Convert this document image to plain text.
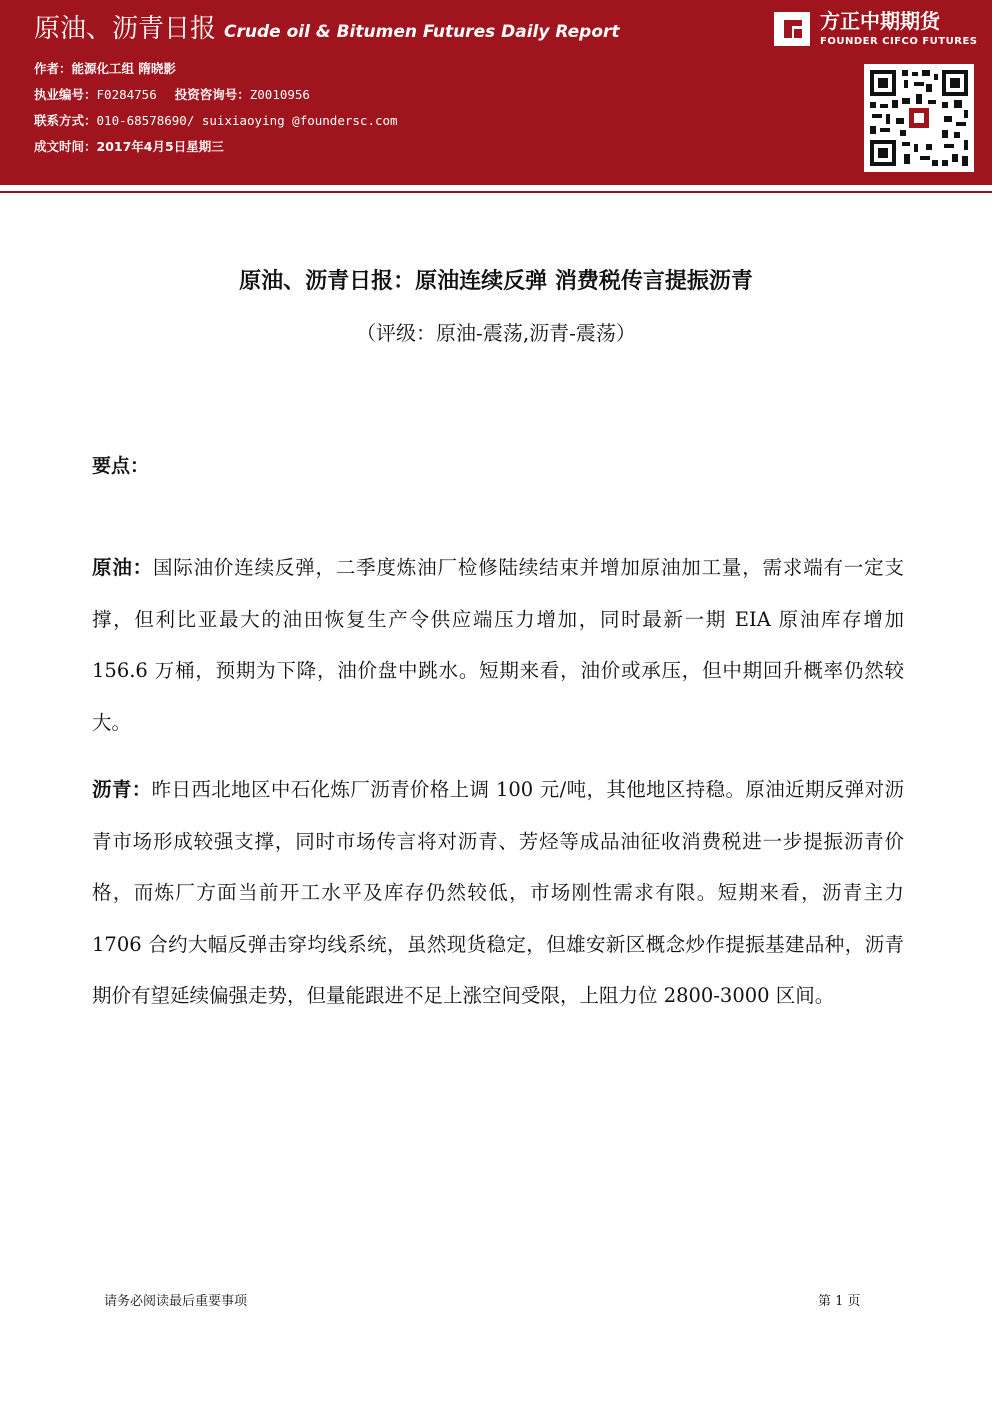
原油、沥青日报 Crude oil & Bitumen Futures Daily Report
作者：能源化工组 隋晓影
执业编号：F0284756 投资咨询号：Z0010956
联系方式：010-68578690/ suixiaoying @foundersc.com
成文时间：2017年4月5日星期三
方正中期期货
FOUNDER CIFCO FUTURES
原油、沥青日报：原油连续反弹 消费税传言提振沥青
（评级：原油-震荡,沥青-震荡）
要点：
原油：国际油价连续反弹，二季度炼油厂检修陆续结束并增加原油加工量，需求端有一定支撑，但利比亚最大的油田恢复生产令供应端压力增加，同时最新一期 EIA 原油库存增加 156.6 万桶，预期为下降，油价盘中跳水。短期来看，油价或承压，但中期回升概率仍然较大。
沥青：昨日西北地区中石化炼厂沥青价格上调 100 元/吨，其他地区持稳。原油近期反弹对沥青市场形成较强支撑，同时市场传言将对沥青、芳烃等成品油征收消费税进一步提振沥青价格，而炼厂方面当前开工水平及库存仍然较低，市场刚性需求有限。短期来看，沥青主力 1706 合约大幅反弹击穿均线系统，虽然现货稳定，但雄安新区概念炒作提振基建品种，沥青期价有望延续偏强走势，但量能跟进不足上涨空间受限，上阻力位 2800-3000 区间。
请务必阅读最后重要事项	第 1 页
